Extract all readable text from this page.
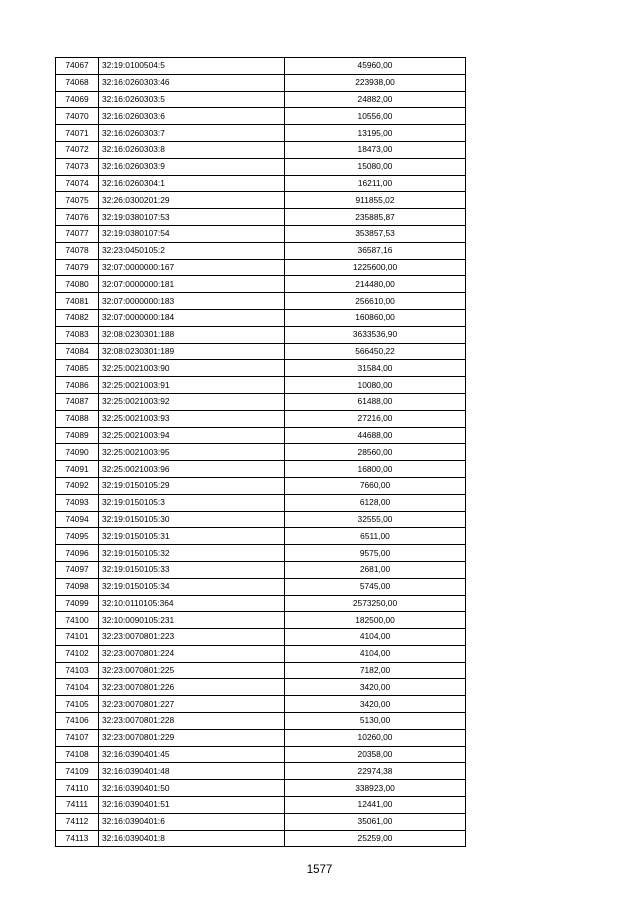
74067	32:19:0100504:5	45960,00
74068	32:16:0260303:46	223938,00
74069	32:16:0260303:5	24882,00
74070	32:16:0260303:6	10556,00
74071	32:16:0260303:7	13195,00
74072	32:16:0260303:8	18473,00
74073	32:16:0260303:9	15080,00
74074	32:16:0260304:1	16211,00
74075	32:26:0300201:29	911855,02
74076	32:19:0380107:53	235885,87
74077	32:19:0380107:54	353857,53
74078	32:23:0450105:2	36587,16
74079	32:07:0000000:167	1225600,00
74080	32:07:0000000:181	214480,00
74081	32:07:0000000:183	256610,00
74082	32:07:0000000:184	160860,00
74083	32:08:0230301:188	3633536,90
74084	32:08:0230301:189	566450,22
74085	32:25:0021003:90	31584,00
74086	32:25:0021003:91	10080,00
74087	32:25:0021003:92	61488,00
74088	32:25:0021003:93	27216,00
74089	32:25:0021003:94	44688,00
74090	32:25:0021003:95	28560,00
74091	32:25:0021003:96	16800,00
74092	32:19:0150105:29	7660,00
74093	32:19:0150105:3	6128,00
74094	32:19:0150105:30	32555,00
74095	32:19:0150105:31	6511,00
74096	32:19:0150105:32	9575,00
74097	32:19:0150105:33	2681,00
74098	32:19:0150105:34	5745,00
74099	32:10:0110105:364	2573250,00
74100	32:10:0090105:231	182500,00
74101	32:23:0070801:223	4104,00
74102	32:23:0070801:224	4104,00
74103	32:23:0070801:225	7182,00
74104	32:23:0070801:226	3420,00
74105	32:23:0070801:227	3420,00
74106	32:23:0070801:228	5130,00
74107	32:23:0070801:229	10260,00
74108	32:16:0390401:45	20358,00
74109	32:16:0390401:48	22974,38
74110	32:16:0390401:50	338923,00
74111	32:16:0390401:51	12441,00
74112	32:16:0390401:6	35061,00
74113	32:16:0390401:8	25259,00
1577
